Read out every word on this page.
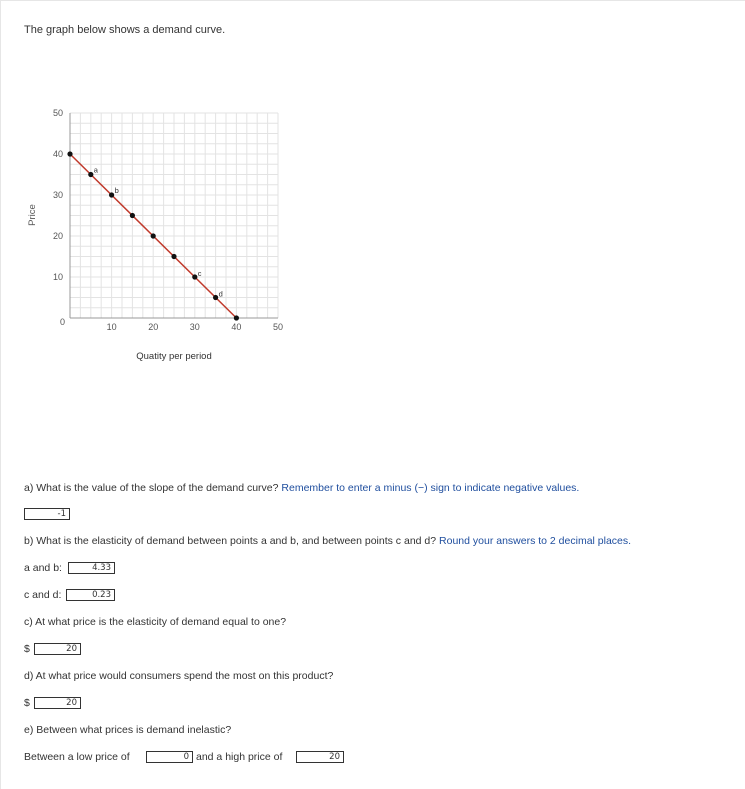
The graph below shows a demand curve.
0
10
20
30
40
50
10	20	30	40	50
Price
Quatity per period
a
b
c
d
a) What is the value of the slope of the demand curve? Remember to enter a minus (−) sign to indicate negative values.
-1
b) What is the elasticity of demand between points a and b, and between points c and d? Round your answers to 2 decimal places.
a and b:	4.33
c and d:	0.23
c) At what price is the elasticity of demand equal to one?
$	20
d) At what price would consumers spend the most on this product?
$	20
e) Between what prices is demand inelastic?
Between a low price of	0 and a high price of	20
